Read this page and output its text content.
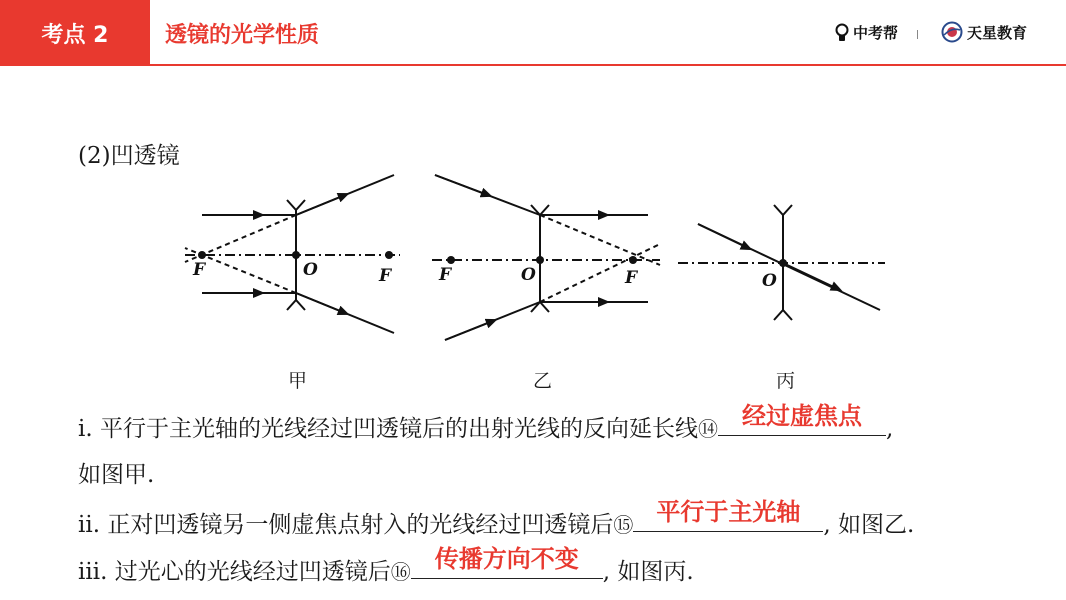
考点 2	透镜的光学性质	中考帮	天星教育
(2)凹透镜
F	O	F	F	O	F	O
甲	乙	丙
ⅰ. 平行于主光轴的光线经过凹透镜后的出射光线的反向延长线⑭	经过虚焦点	,
如图甲.
ⅱ. 正对凹透镜另一侧虚焦点射入的光线经过凹透镜后⑮ 平行于主光轴	, 如图乙.
ⅲ. 过光心的光线经过凹透镜后⑯	传播方向不变	, 如图丙.
